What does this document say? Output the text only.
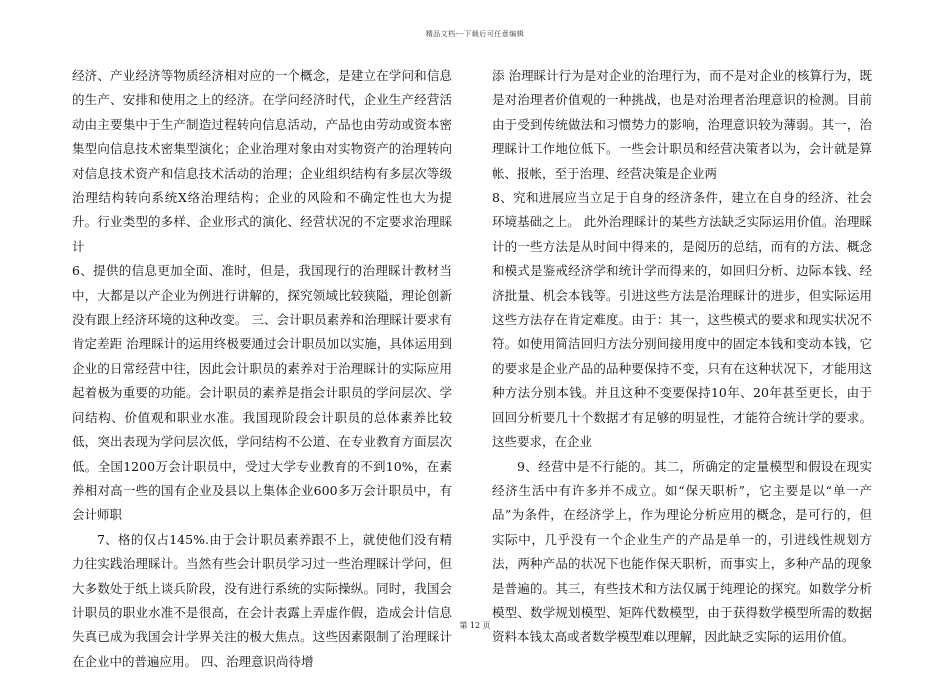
精品文档---下载后可任意编辑

经济、产业经济等物质经济相对应的一个概念，是建立在学问和信息的生产、安排和使用之上的经济。在学问经济时代，企业生产经营活动由主要集中于生产制造过程转向信息活动，产品也由劳动或资本密集型向信息技术密集型演化；企业治理对象由对实物资产的治理转向对信息技术资产和信息技术活动的治理；企业组织结构有多层次等级治理结构转向系统X络治理结构；企业的风险和不确定性也大为提升。行业类型的多样、企业形式的演化、经营状况的不定要求治理睬计

6、提供的信息更加全面、准时，但是，我国现行的治理睬计教材当中，大都是以产企业为例进行讲解的，探究领域比较狭隘，理论创新没有跟上经济环境的这种改变。 三、会计职员素养和治理睬计要求有肯定差距 治理睬计的运用终极要通过会计职员加以实施，具体运用到企业的日常经营中往，因此会计职员的素养对于治理睬计的实际应用起着极为重要的功能。会计职员的素养是指会计职员的学问层次、学问结构、价值观和职业水准。我国现阶段会计职员的总体素养比较低，突出表现为学问层次低，学问结构不公道、在专业教育方面层次低。全国1200万会计职员中，受过大学专业教育的不到10%，在素养相对高一些的国有企业及县以上集体企业600多万会计职员中，有会计师职

7、格的仅占145%.由于会计职员素养跟不上，就使他们没有精力往实践治理睬计。当然有些会计职员学习过一些治理睬计学问，但大多数处于纸上谈兵阶段，没有进行系统的实际操纵。同时，我国会计职员的职业水准不是很高，在会计表露上弄虚作假，造成会计信息失真已成为我国会计学界关注的极大焦点。这些因素限制了治理睬计在企业中的普遍应用。 四、治理意识尚待增

添 治理睬计行为是对企业的治理行为，而不是对企业的核算行为，既是对治理者价值观的一种挑战，也是对治理者治理意识的检测。目前由于受到传统做法和习惯势力的影响，治理意识较为薄弱。其一，治理睬计工作地位低下。一些会计职员和经营决策者以为，会计就是算帐、报帐，至于治理、经营决策是企业两

8、究和进展应当立足于自身的经济条件，建立在自身的经济、社会环境基础之上。 此外治理睬计的某些方法缺乏实际运用价值。治理睬计的一些方法是从时间中得来的，是阅历的总结，而有的方法、概念和模式是鉴戒经济学和统计学而得来的，如回归分析、边际本钱、经济批量、机会本钱等。引进这些方法是治理睬计的进步，但实际运用这些方法存在肯定难度。由于：其一，这些模式的要求和现实状况不符。如使用简洁回归方法分别间接用度中的固定本钱和变动本钱，它的要求是企业产品的品种要保持不变，只有在这种状况下，才能用这种方法分别本钱。并且这种不变要保持10年、20年甚至更长，由于回回分析要几十个数据才有足够的明显性，才能符合统计学的要求。这些要求，在企业

9、经营中是不行能的。其二，所确定的定量模型和假设在现实经济生活中有许多并不成立。如“保天职析”，它主要是以“单一产品”为条件，在经济学上，作为理论分析应用的概念，是可行的，但实际中，几乎没有一个企业生产的产品是单一的，引进线性规划方法，两种产品的状况下也能作保天职析，而事实上，多种产品的现象是普遍的。其三，有些技术和方法仅属于纯理论的探究。如数学分析模型、数学规划模型、矩阵代数模型，由于获得数学模型所需的数据资料本钱太高或者数学模型难以理解，因此缺乏实际的运用价值。

第 12 页
